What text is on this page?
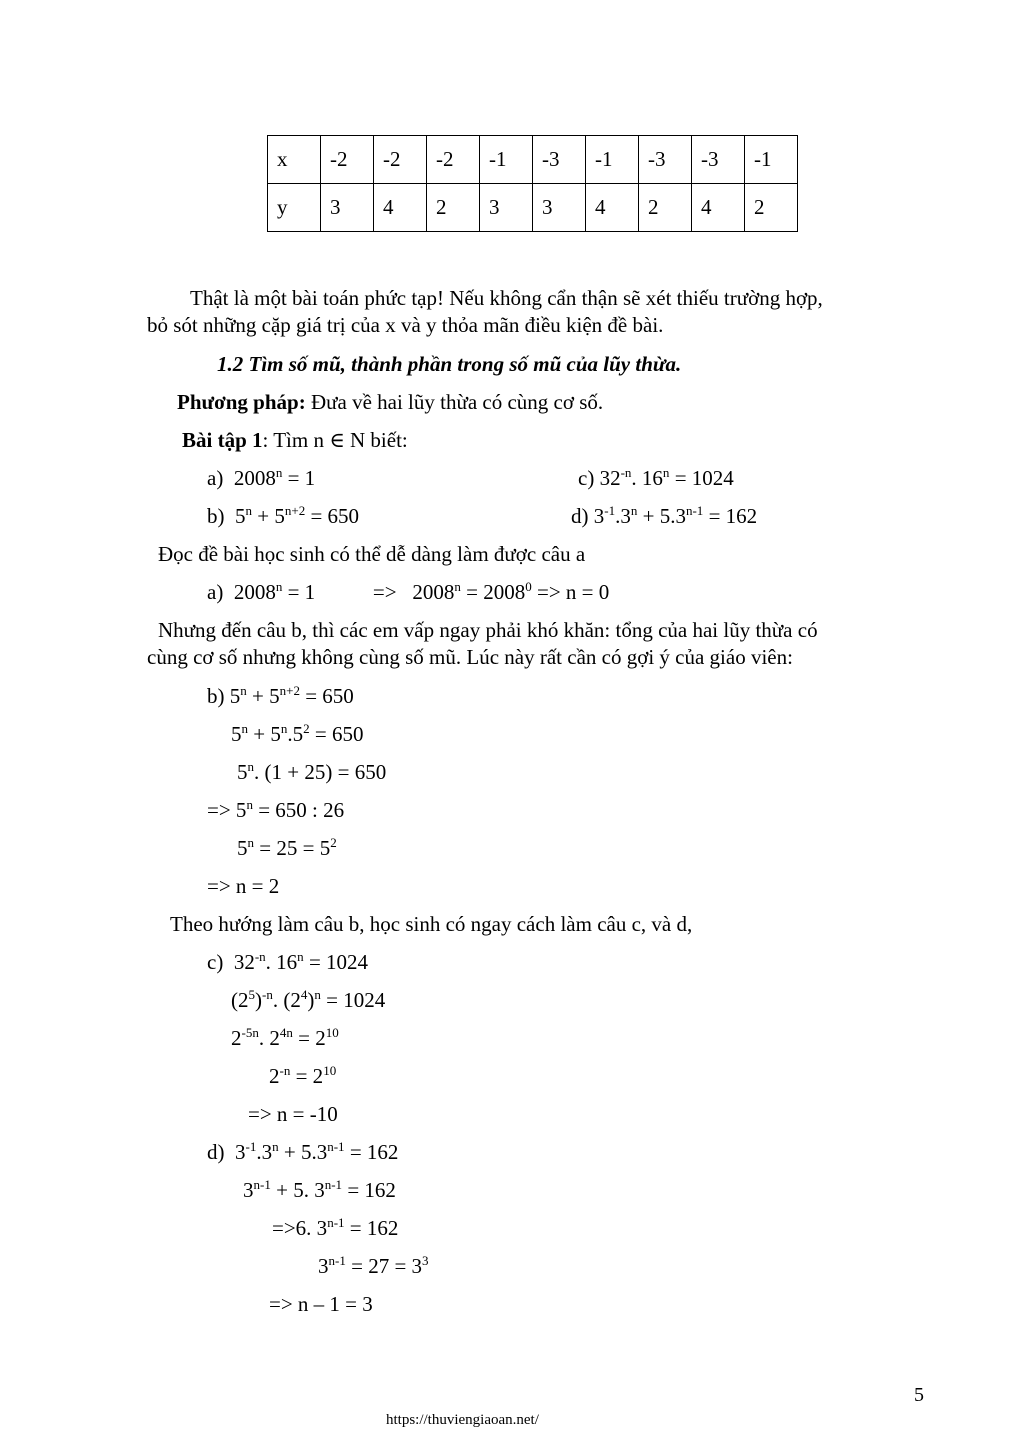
x	-2	-2	-2	-1	-3	-1	-3	-3	-1
y	3	4	2	3	3	4	2	4	2
Thật là một bài toán phức tạp! Nếu không cẩn thận sẽ xét thiếu trường hợp,
bỏ sót những cặp giá trị của x và y thỏa mãn điều kiện đề bài.
1.2 Tìm số mũ, thành phần trong số mũ của lũy thừa.
Phương pháp: Đưa về hai lũy thừa có cùng cơ số.
Bài tập 1: Tìm n ∈ N biết:
a)  $2008^n = 1$	c) $32^{-n}$. $16^n = 1024$
b)  $5^n + 5^{n+2} = 650$	d) $3^{-1}.3^n + 5.3^{n-1} = 162$
Đọc đề bài học sinh có thể dễ dàng làm được câu a
a)  $2008^n = 1$           =>   $2008^n = 2008^0 => n = 0$
Nhưng đến câu b, thì các em vấp ngay phải khó khăn: tổng của hai lũy thừa có
cùng cơ số nhưng không cùng số mũ. Lúc này rất cần có gợi ý của giáo viên:
b) $5^n + 5^{n+2} = 650$
$5^n + 5^n.5^2 = 650$
5$^n$. (1 + 25) = 650
=> $5^n = 650$ : 26
$5^n = 25 = 5^2$
=> n = 2
Theo hướng làm câu b, học sinh có ngay cách làm câu c, và d,
c)  $32^{-n}$. $16^n = 1024$
$(2^5)^{-n}$. $(2^4)^n = 1024$
$2^{-5n}$. $2^{4n} = 2^{10}$
$2^{-n} = 2^{10}$
=> n = -10
d)  $3^{-1}.3^n + 5.3^{n-1} = 162$
$3^{n-1} + 5$. $3^{n-1} = 162$
=>6. $3^{n-1} = 162$
$3^{n-1} = 27 = 3^3$
=> n – 1 = 3
5
https://thuviengiaoan.net/
